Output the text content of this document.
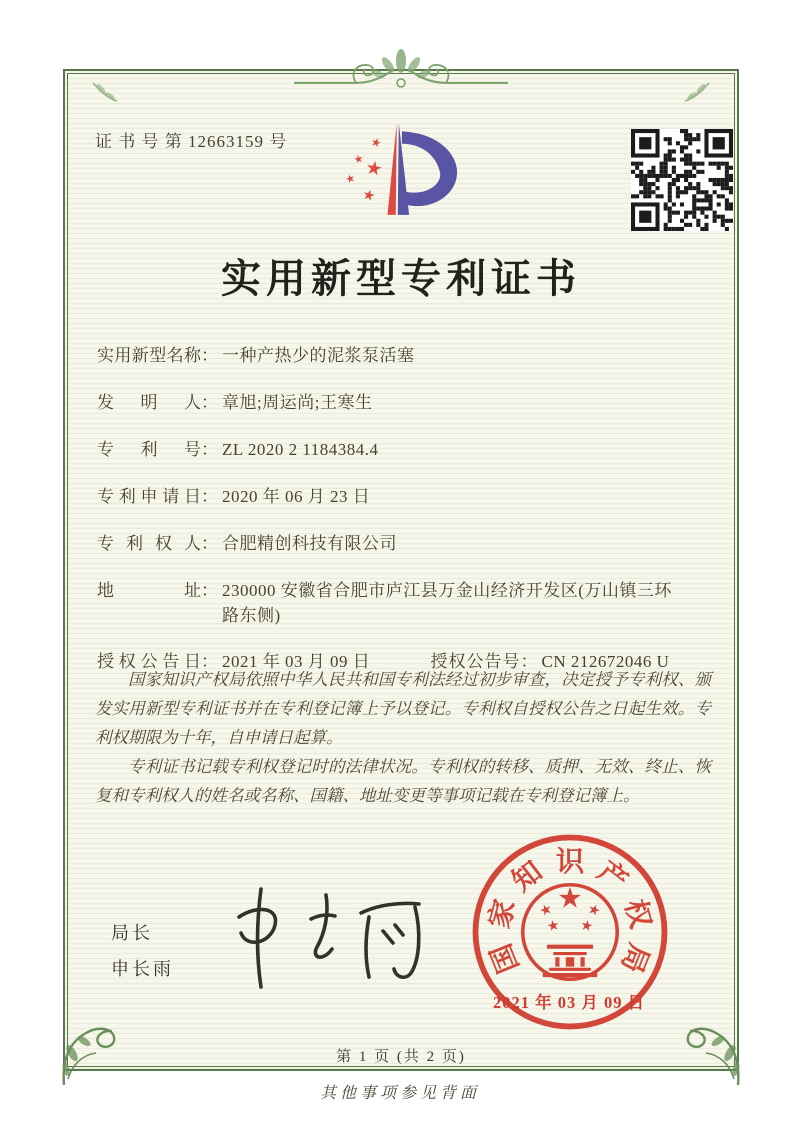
证 书 号 第 12663159 号
实用新型专利证书
实用新型名称： 一种产热少的泥浆泵活塞
发明人： 章旭;周运尚;王寒生
专利号： ZL 2020 2 1184384.4
专利申请日： 2020 年 06 月 23 日
专利权人： 合肥精创科技有限公司
地址： 230000 安徽省合肥市庐江县万金山经济开发区(万山镇三环路东侧)
授权公告日： 2021 年 03 月 09 日	授权公告号： CN 212672046 U

国家知识产权局依照中华人民共和国专利法经过初步审查，决定授予专利权、颁发实用新型专利证书并在专利登记簿上予以登记。专利权自授权公告之日起生效。专利权期限为十年，自申请日起算。

专利证书记载专利权登记时的法律状况。专利权的转移、质押、无效、终止、恢复和专利权人的姓名或名称、国籍、地址变更等事项记载在专利登记簿上。

局长
申长雨	国
家
知 识 产
权
局
2021 年 03 月 09 日
第 1 页 (共 2 页)
其他事项参见背面
